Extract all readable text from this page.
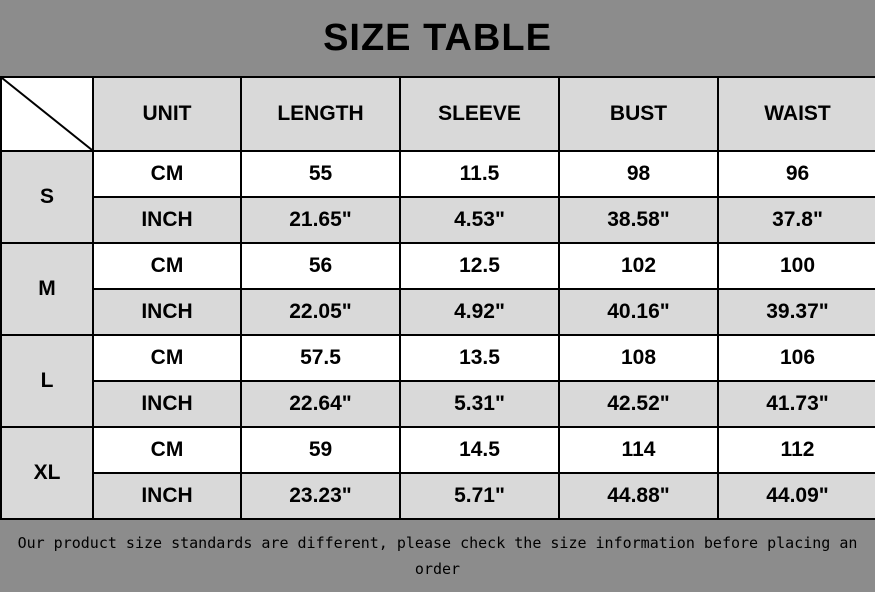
SIZE TABLE
	UNIT	LENGTH	SLEEVE	BUST	WAIST
S	CM	55	11.5	98	96
	INCH	21.65"	4.53"	38.58"	37.8"
M	CM	56	12.5	102	100
	INCH	22.05"	4.92"	40.16"	39.37"
L	CM	57.5	13.5	108	106
	INCH	22.64"	5.31"	42.52"	41.73"
XL	CM	59	14.5	114	112
	INCH	23.23"	5.71"	44.88"	44.09"
Our product size standards are different, please check the size information before placing an order
